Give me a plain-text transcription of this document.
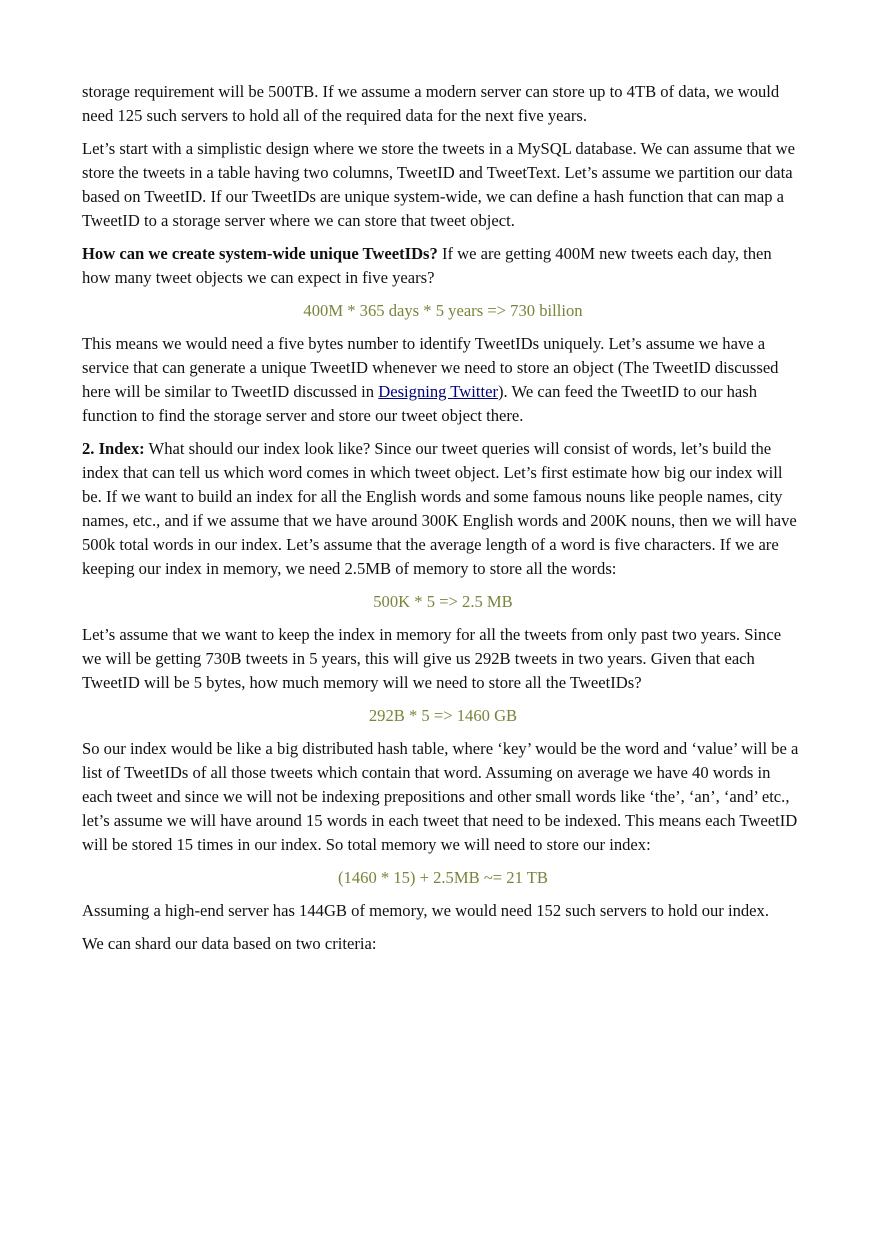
storage requirement will be 500TB. If we assume a modern server can store up to 4TB of data, we would need 125 such servers to hold all of the required data for the next five years.

Let’s start with a simplistic design where we store the tweets in a MySQL database. We can assume that we store the tweets in a table having two columns, TweetID and TweetText. Let’s assume we partition our data based on TweetID. If our TweetIDs are unique system-wide, we can define a hash function that can map a TweetID to a storage server where we can store that tweet object.

How can we create system-wide unique TweetIDs? If we are getting 400M new tweets each day, then how many tweet objects we can expect in five years?

400M * 365 days * 5 years => 730 billion

This means we would need a five bytes number to identify TweetIDs uniquely. Let’s assume we have a service that can generate a unique TweetID whenever we need to store an object (The TweetID discussed here will be similar to TweetID discussed in Designing Twitter). We can feed the TweetID to our hash function to find the storage server and store our tweet object there.

2. Index: What should our index look like? Since our tweet queries will consist of words, let’s build the index that can tell us which word comes in which tweet object. Let’s first estimate how big our index will be. If we want to build an index for all the English words and some famous nouns like people names, city names, etc., and if we assume that we have around 300K English words and 200K nouns, then we will have 500k total words in our index. Let’s assume that the average length of a word is five characters. If we are keeping our index in memory, we need 2.5MB of memory to store all the words:

500K * 5 => 2.5 MB

Let’s assume that we want to keep the index in memory for all the tweets from only past two years. Since we will be getting 730B tweets in 5 years, this will give us 292B tweets in two years. Given that each TweetID will be 5 bytes, how much memory will we need to store all the TweetIDs?

292B * 5 => 1460 GB

So our index would be like a big distributed hash table, where ‘key’ would be the word and ‘value’ will be a list of TweetIDs of all those tweets which contain that word. Assuming on average we have 40 words in each tweet and since we will not be indexing prepositions and other small words like ‘the’, ‘an’, ‘and’ etc., let’s assume we will have around 15 words in each tweet that need to be indexed. This means each TweetID will be stored 15 times in our index. So total memory we will need to store our index:

(1460 * 15) + 2.5MB ~= 21 TB

Assuming a high-end server has 144GB of memory, we would need 152 such servers to hold our index.

We can shard our data based on two criteria:
